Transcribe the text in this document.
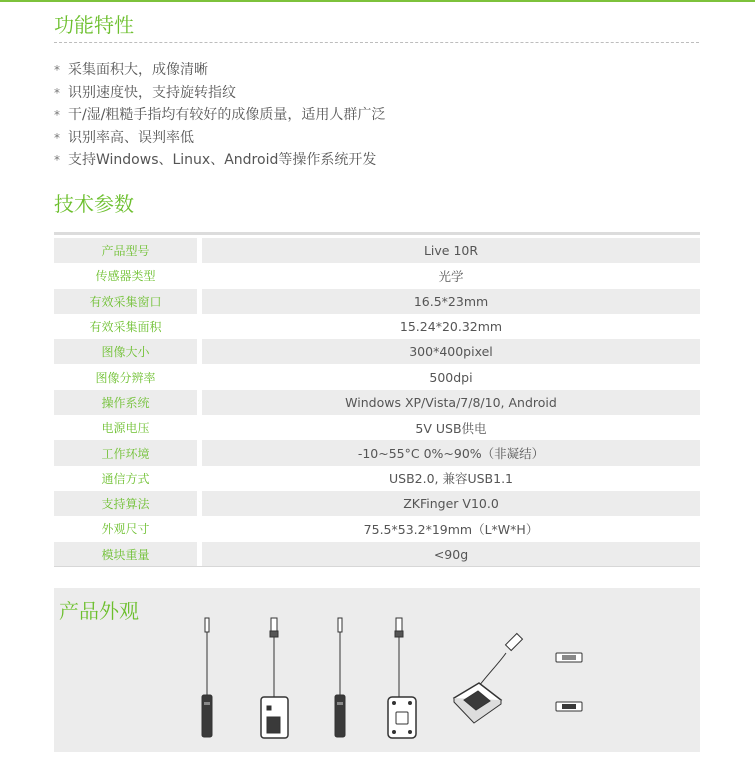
功能特性
* 采集面积大，成像清晰
* 识别速度快，支持旋转指纹
* 干/湿/粗糙手指均有较好的成像质量，适用人群广泛
* 识别率高、误判率低
* 支持Windows、Linux、Android等操作系统开发
技术参数
产品型号	Live 10R
传感器类型	光学
有效采集窗口	16.5*23mm
有效采集面积	15.24*20.32mm
图像大小	300*400pixel
图像分辨率	500dpi
操作系统	Windows XP/Vista/7/8/10, Android
电源电压	5V USB供电
工作环境	-10~55°C 0%~90%（非凝结）
通信方式	USB2.0, 兼容USB1.1
支持算法	ZKFinger V10.0
外观尺寸	75.5*53.2*19mm（L*W*H）
模块重量	<90g
产品外观
